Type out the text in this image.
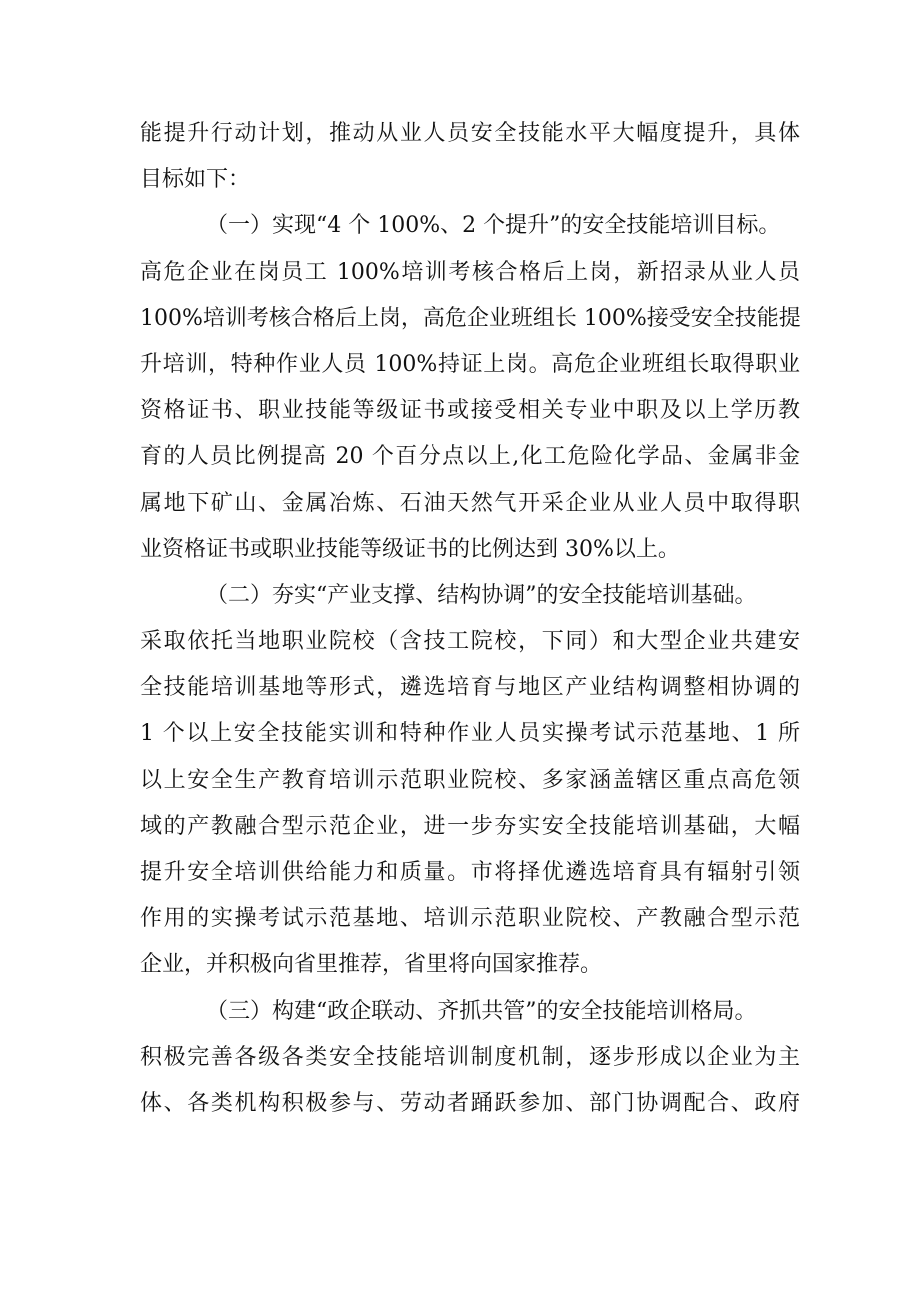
能提升行动计划，推动从业人员安全技能水平大幅度提升，具体
目标如下：
（一）实现“4 个 100%、2 个提升”的安全技能培训目标。
高危企业在岗员工 100%培训考核合格后上岗，新招录从业人员
100%培训考核合格后上岗，高危企业班组长 100%接受安全技能提
升培训，特种作业人员 100%持证上岗。高危企业班组长取得职业
资格证书、职业技能等级证书或接受相关专业中职及以上学历教
育的人员比例提高 20 个百分点以上,化工危险化学品、金属非金
属地下矿山、金属冶炼、石油天然气开采企业从业人员中取得职
业资格证书或职业技能等级证书的比例达到 30%以上。
（二）夯实“产业支撑、结构协调”的安全技能培训基础。
采取依托当地职业院校（含技工院校，下同）和大型企业共建安
全技能培训基地等形式，遴选培育与地区产业结构调整相协调的
1 个以上安全技能实训和特种作业人员实操考试示范基地、1 所
以上安全生产教育培训示范职业院校、多家涵盖辖区重点高危领
域的产教融合型示范企业，进一步夯实安全技能培训基础，大幅
提升安全培训供给能力和质量。市将择优遴选培育具有辐射引领
作用的实操考试示范基地、培训示范职业院校、产教融合型示范
企业，并积极向省里推荐，省里将向国家推荐。
（三）构建“政企联动、齐抓共管”的安全技能培训格局。
积极完善各级各类安全技能培训制度机制，逐步形成以企业为主
体、各类机构积极参与、劳动者踊跃参加、部门协调配合、政府
